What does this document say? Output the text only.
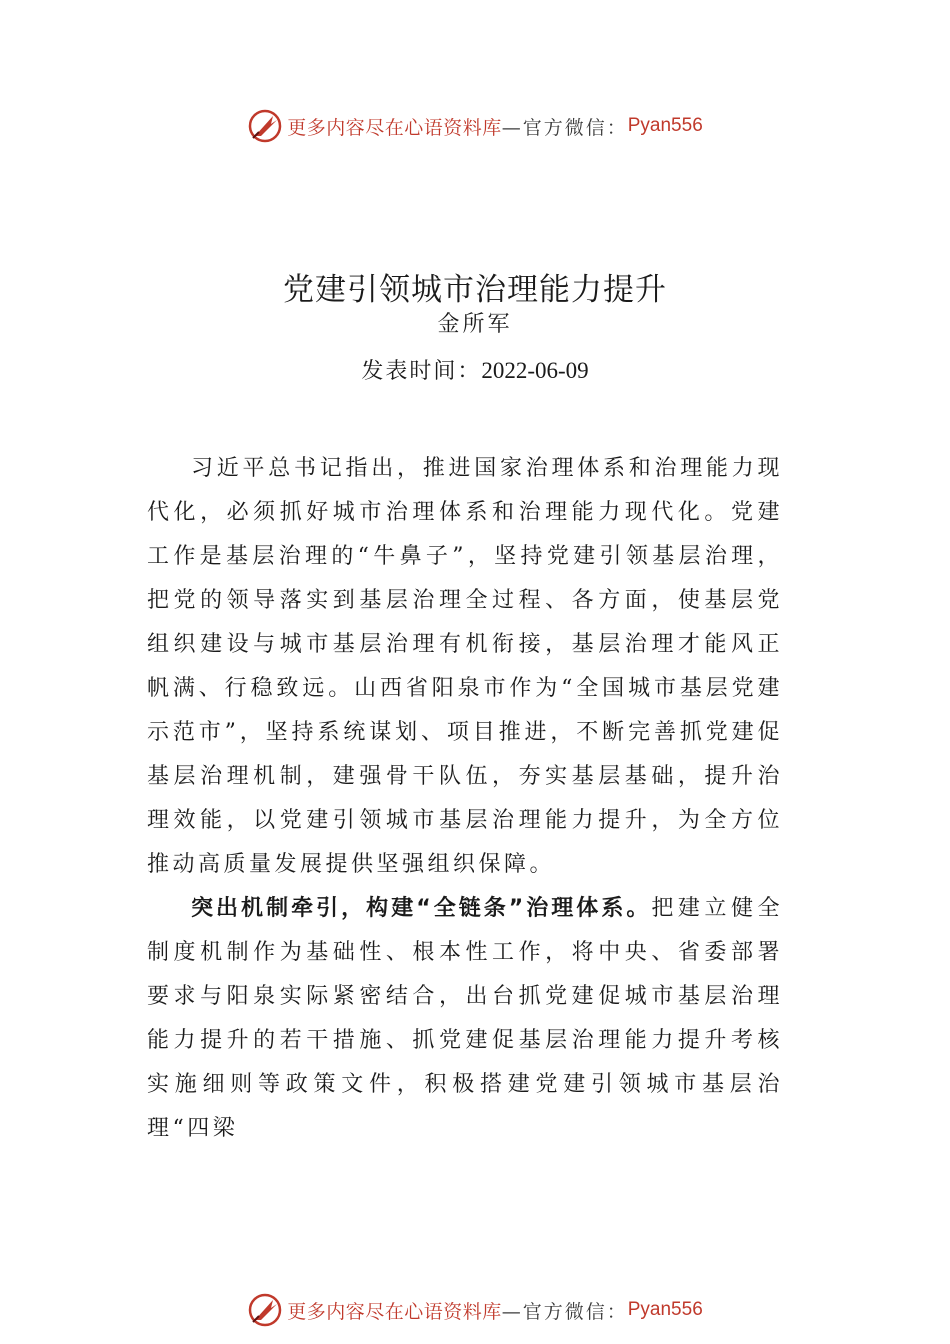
更多内容尽在心语资料库 —官方微信： Pyan556
党建引领城市治理能力提升
金所军
发表时间：2022-06-09

习近平总书记指出，推进国家治理体系和治理能力现代化，必须抓好城市治理体系和治理能力现代化。党建工作是基层治理的“牛鼻子”，坚持党建引领基层治理，把党的领导落实到基层治理全过程、各方面，使基层党组织建设与城市基层治理有机衔接，基层治理才能风正帆满、行稳致远。山西省阳泉市作为“全国城市基层党建示范市”，坚持系统谋划、项目推进，不断完善抓党建促基层治理机制，建强骨干队伍，夯实基层基础，提升治理效能，以党建引领城市基层治理能力提升，为全方位推动高质量发展提供坚强组织保障。

突出机制牵引，构建“全链条”治理体系。把建立健全制度机制作为基础性、根本性工作，将中央、省委部署要求与阳泉实际紧密结合，出台抓党建促城市基层治理能力提升的若干措施、抓党建促基层治理能力提升考核实施细则等政策文件，积极搭建党建引领城市基层治理“四梁

更多内容尽在心语资料库 —官方微信： Pyan556
